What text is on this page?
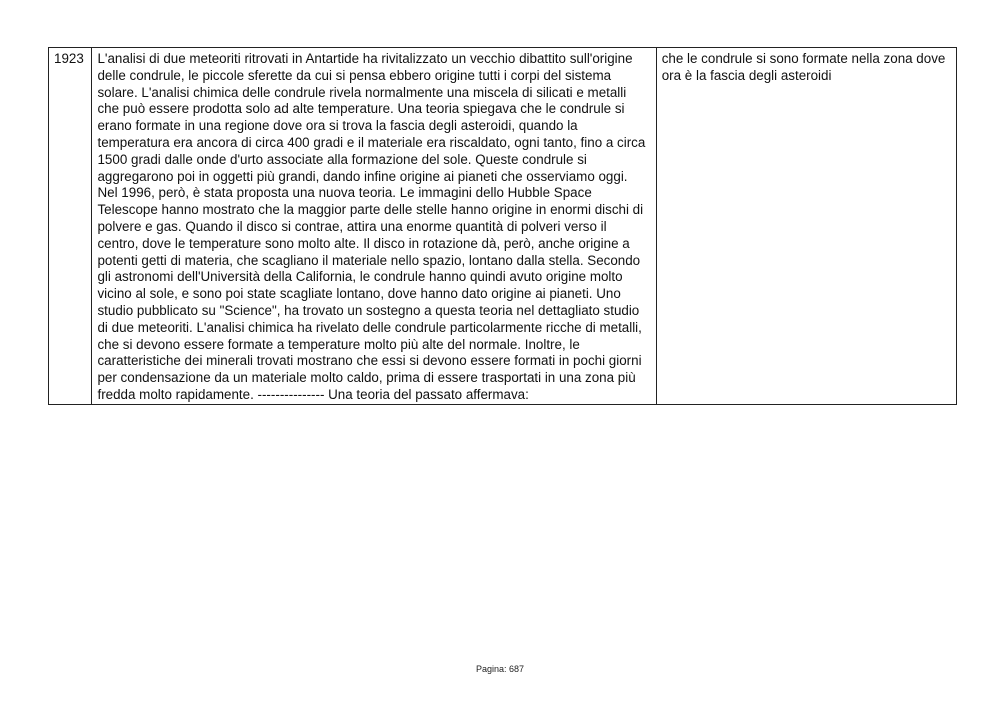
1923	L'analisi di due meteoriti ritrovati in Antartide ha rivitalizzato un vecchio dibattito sull'origine delle condrule, le piccole sferette da cui si pensa ebbero origine tutti i corpi del sistema solare. L'analisi chimica delle condrule rivela normalmente una miscela di silicati e metalli che può essere prodotta solo ad alte temperature. Una teoria spiegava che le condrule si erano formate in una regione dove ora si trova la fascia degli asteroidi, quando la temperatura era ancora di circa 400 gradi e il materiale era riscaldato, ogni tanto, fino a circa 1500 gradi dalle onde d'urto associate alla formazione del sole. Queste condrule si aggregarono poi in oggetti più grandi, dando infine origine ai pianeti che osserviamo oggi. Nel 1996, però, è stata proposta una nuova teoria. Le immagini dello Hubble Space Telescope hanno mostrato che la maggior parte delle stelle hanno origine in enormi dischi di polvere e gas. Quando il disco si contrae, attira una enorme quantità di polveri verso il centro, dove le temperature sono molto alte. Il disco in rotazione dà, però, anche origine a potenti getti di materia, che scagliano il materiale nello spazio, lontano dalla stella. Secondo gli astronomi dell'Università della California, le condrule hanno quindi avuto origine molto vicino al sole, e sono poi state scagliate lontano, dove hanno dato origine ai pianeti. Uno studio pubblicato su "Science", ha trovato un sostegno a questa teoria nel dettagliato studio di due meteoriti. L'analisi chimica ha rivelato delle condrule particolarmente ricche di metalli, che si devono essere formate a temperature molto più alte del normale. Inoltre, le caratteristiche dei minerali trovati mostrano che essi si devono essere formati in pochi giorni per condensazione da un materiale molto caldo, prima di essere trasportati in una zona più fredda molto rapidamente. --------------- Una teoria del passato affermava:	che le condrule si sono formate nella zona dove ora è la fascia degli asteroidi
Pagina: 687
